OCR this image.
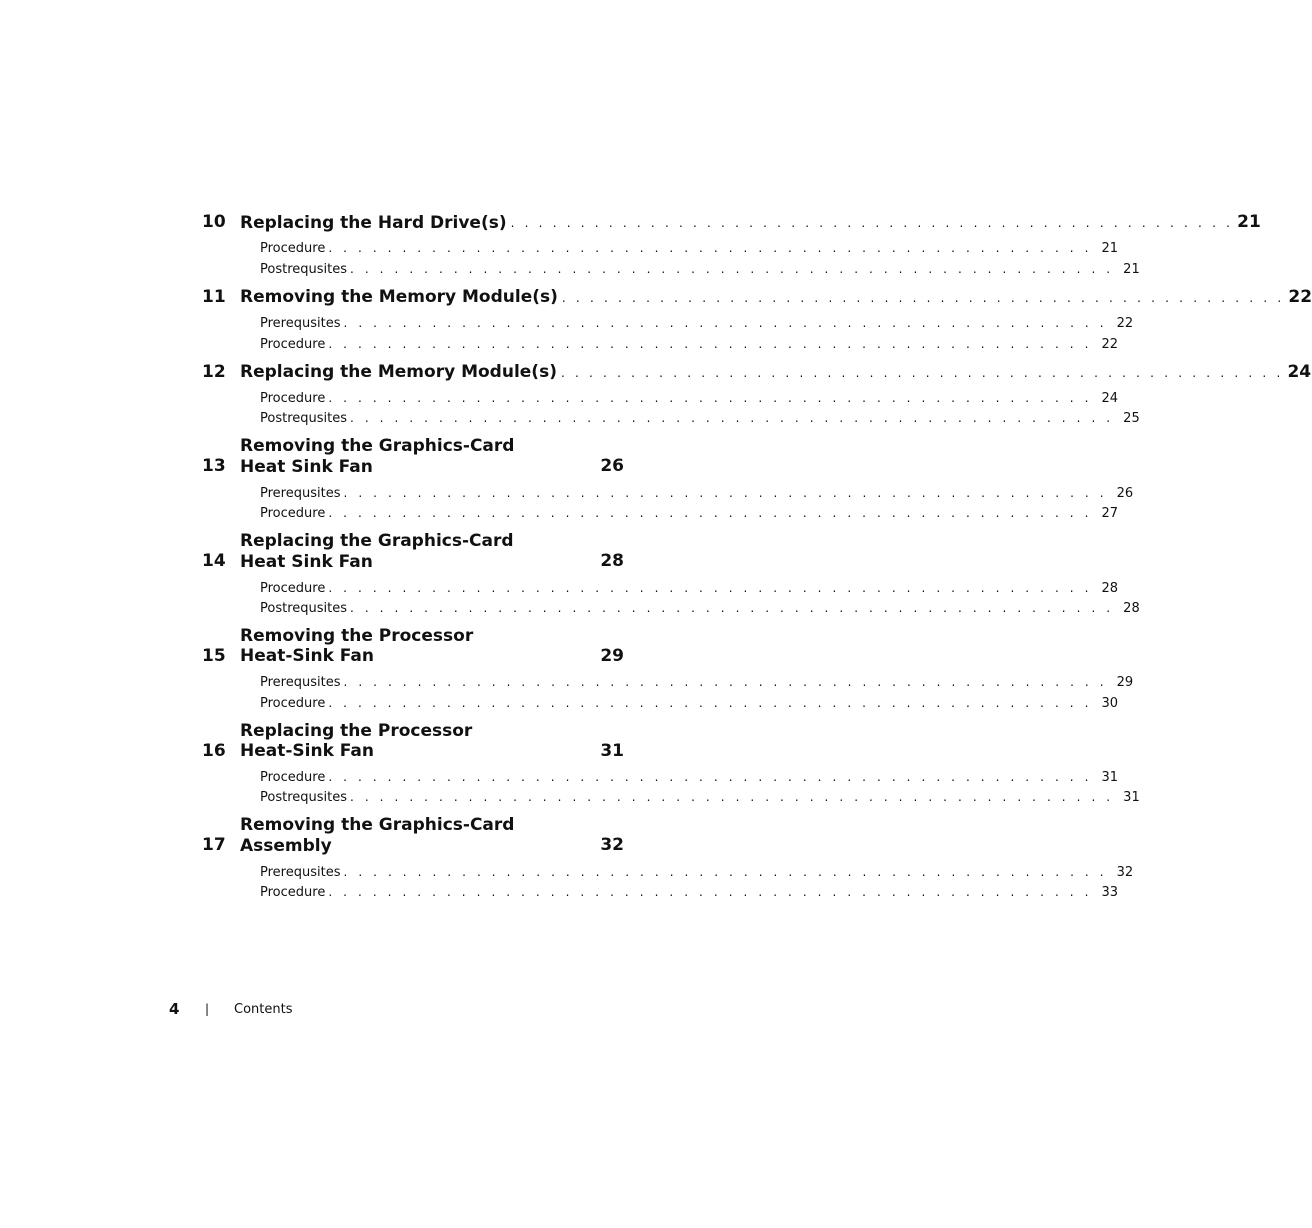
10 Replacing the Hard Drive(s) . . . . . . . . . . . . . . . . . . . . . . . . . . . . . . . . . . . . . . . . . . . . . . . . . . . . 21
Procedure . . . . . . . . . . . . . . . . . . . . . . . . . . . . . . . . . . . . . . . . . . . . . . . . . . . . 21
Postrequsites . . . . . . . . . . . . . . . . . . . . . . . . . . . . . . . . . . . . . . . . . . . . . . . . . . . . 21
11 Removing the Memory Module(s) . . . . . . . . . . . . . . . . . . . . . . . . . . . . . . . . . . . . . . . . . . . . . . . . . . . . 22
Prerequsites . . . . . . . . . . . . . . . . . . . . . . . . . . . . . . . . . . . . . . . . . . . . . . . . . . . . 22
Procedure . . . . . . . . . . . . . . . . . . . . . . . . . . . . . . . . . . . . . . . . . . . . . . . . . . . . 22
12 Replacing the Memory Module(s) . . . . . . . . . . . . . . . . . . . . . . . . . . . . . . . . . . . . . . . . . . . . . . . . . . . . 24
Procedure . . . . . . . . . . . . . . . . . . . . . . . . . . . . . . . . . . . . . . . . . . . . . . . . . . . . 24
Postrequsites . . . . . . . . . . . . . . . . . . . . . . . . . . . . . . . . . . . . . . . . . . . . . . . . . . . . 25
13
Removing the Graphics-Card
Heat Sink Fan	26
Prerequsites . . . . . . . . . . . . . . . . . . . . . . . . . . . . . . . . . . . . . . . . . . . . . . . . . . . . 26
Procedure . . . . . . . . . . . . . . . . . . . . . . . . . . . . . . . . . . . . . . . . . . . . . . . . . . . . 27
14
Replacing the Graphics-Card
Heat Sink Fan	28
Procedure . . . . . . . . . . . . . . . . . . . . . . . . . . . . . . . . . . . . . . . . . . . . . . . . . . . . 28
Postrequsites . . . . . . . . . . . . . . . . . . . . . . . . . . . . . . . . . . . . . . . . . . . . . . . . . . . . 28
15
Removing the Processor
Heat-Sink Fan	29
Prerequsites . . . . . . . . . . . . . . . . . . . . . . . . . . . . . . . . . . . . . . . . . . . . . . . . . . . . 29
Procedure . . . . . . . . . . . . . . . . . . . . . . . . . . . . . . . . . . . . . . . . . . . . . . . . . . . . 30
16
Replacing the Processor
Heat-Sink Fan	31
Procedure . . . . . . . . . . . . . . . . . . . . . . . . . . . . . . . . . . . . . . . . . . . . . . . . . . . . 31
Postrequsites . . . . . . . . . . . . . . . . . . . . . . . . . . . . . . . . . . . . . . . . . . . . . . . . . . . . 31
17
Removing the Graphics-Card
Assembly	32
Prerequsites . . . . . . . . . . . . . . . . . . . . . . . . . . . . . . . . . . . . . . . . . . . . . . . . . . . . 32
Procedure . . . . . . . . . . . . . . . . . . . . . . . . . . . . . . . . . . . . . . . . . . . . . . . . . . . . 33
4	|	Contents
